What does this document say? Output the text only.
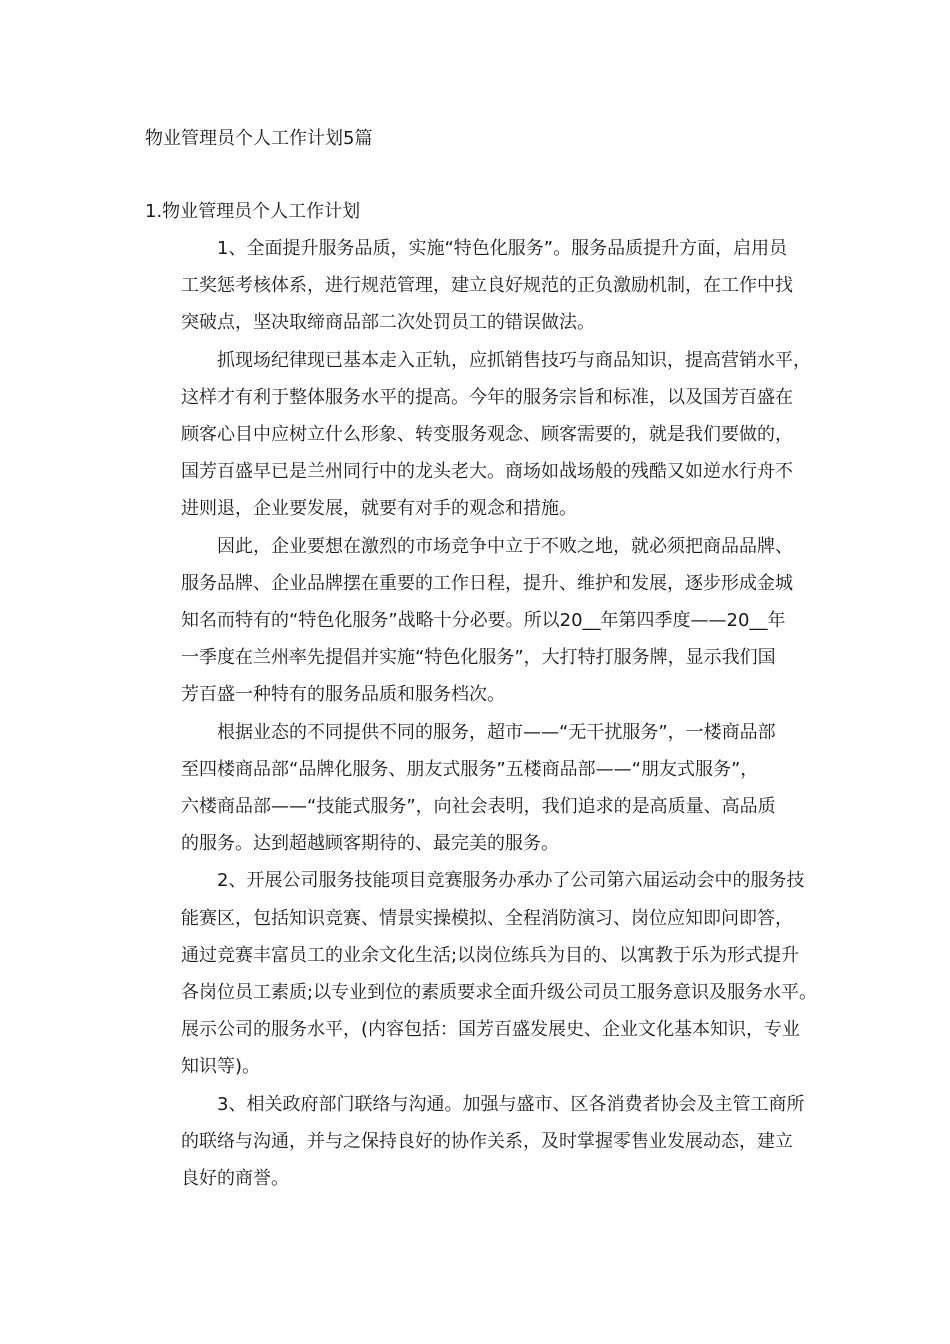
物业管理员个人工作计划5篇
1.物业管理员个人工作计划

1、全面提升服务品质，实施“特色化服务”。服务品质提升方面，启用员
工奖惩考核体系，进行规范管理，建立良好规范的正负激励机制，在工作中找
突破点，坚决取缔商品部二次处罚员工的错误做法。

抓现场纪律现已基本走入正轨，应抓销售技巧与商品知识，提高营销水平，
这样才有利于整体服务水平的提高。今年的服务宗旨和标准，以及国芳百盛在
顾客心目中应树立什么形象、转变服务观念、顾客需要的，就是我们要做的，
国芳百盛早已是兰州同行中的龙头老大。商场如战场般的残酷又如逆水行舟不
进则退，企业要发展，就要有对手的观念和措施。

因此，企业要想在激烈的市场竞争中立于不败之地，就必须把商品品牌、
服务品牌、企业品牌摆在重要的工作日程，提升、维护和发展，逐步形成金城
知名而特有的“特色化服务”战略十分必要。所以20__年第四季度——20__年
一季度在兰州率先提倡并实施“特色化服务”，大打特打服务牌，显示我们国
芳百盛一种特有的服务品质和服务档次。

根据业态的不同提供不同的服务，超市——“无干扰服务”，一楼商品部
至四楼商品部“品牌化服务、朋友式服务”五楼商品部——“朋友式服务”，
六楼商品部——“技能式服务”，向社会表明，我们追求的是高质量、高品质
的服务。达到超越顾客期待的、最完美的服务。

2、开展公司服务技能项目竞赛服务办承办了公司第六届运动会中的服务技
能赛区，包括知识竞赛、情景实操模拟、全程消防演习、岗位应知即问即答，
通过竞赛丰富员工的业余文化生活;以岗位练兵为目的、以寓教于乐为形式提升
各岗位员工素质;以专业到位的素质要求全面升级公司员工服务意识及服务水平。
展示公司的服务水平，(内容包括：国芳百盛发展史、企业文化基本知识，专业
知识等)。

3、相关政府部门联络与沟通。加强与盛市、区各消费者协会及主管工商所
的联络与沟通，并与之保持良好的协作关系，及时掌握零售业发展动态，建立
良好的商誉。
